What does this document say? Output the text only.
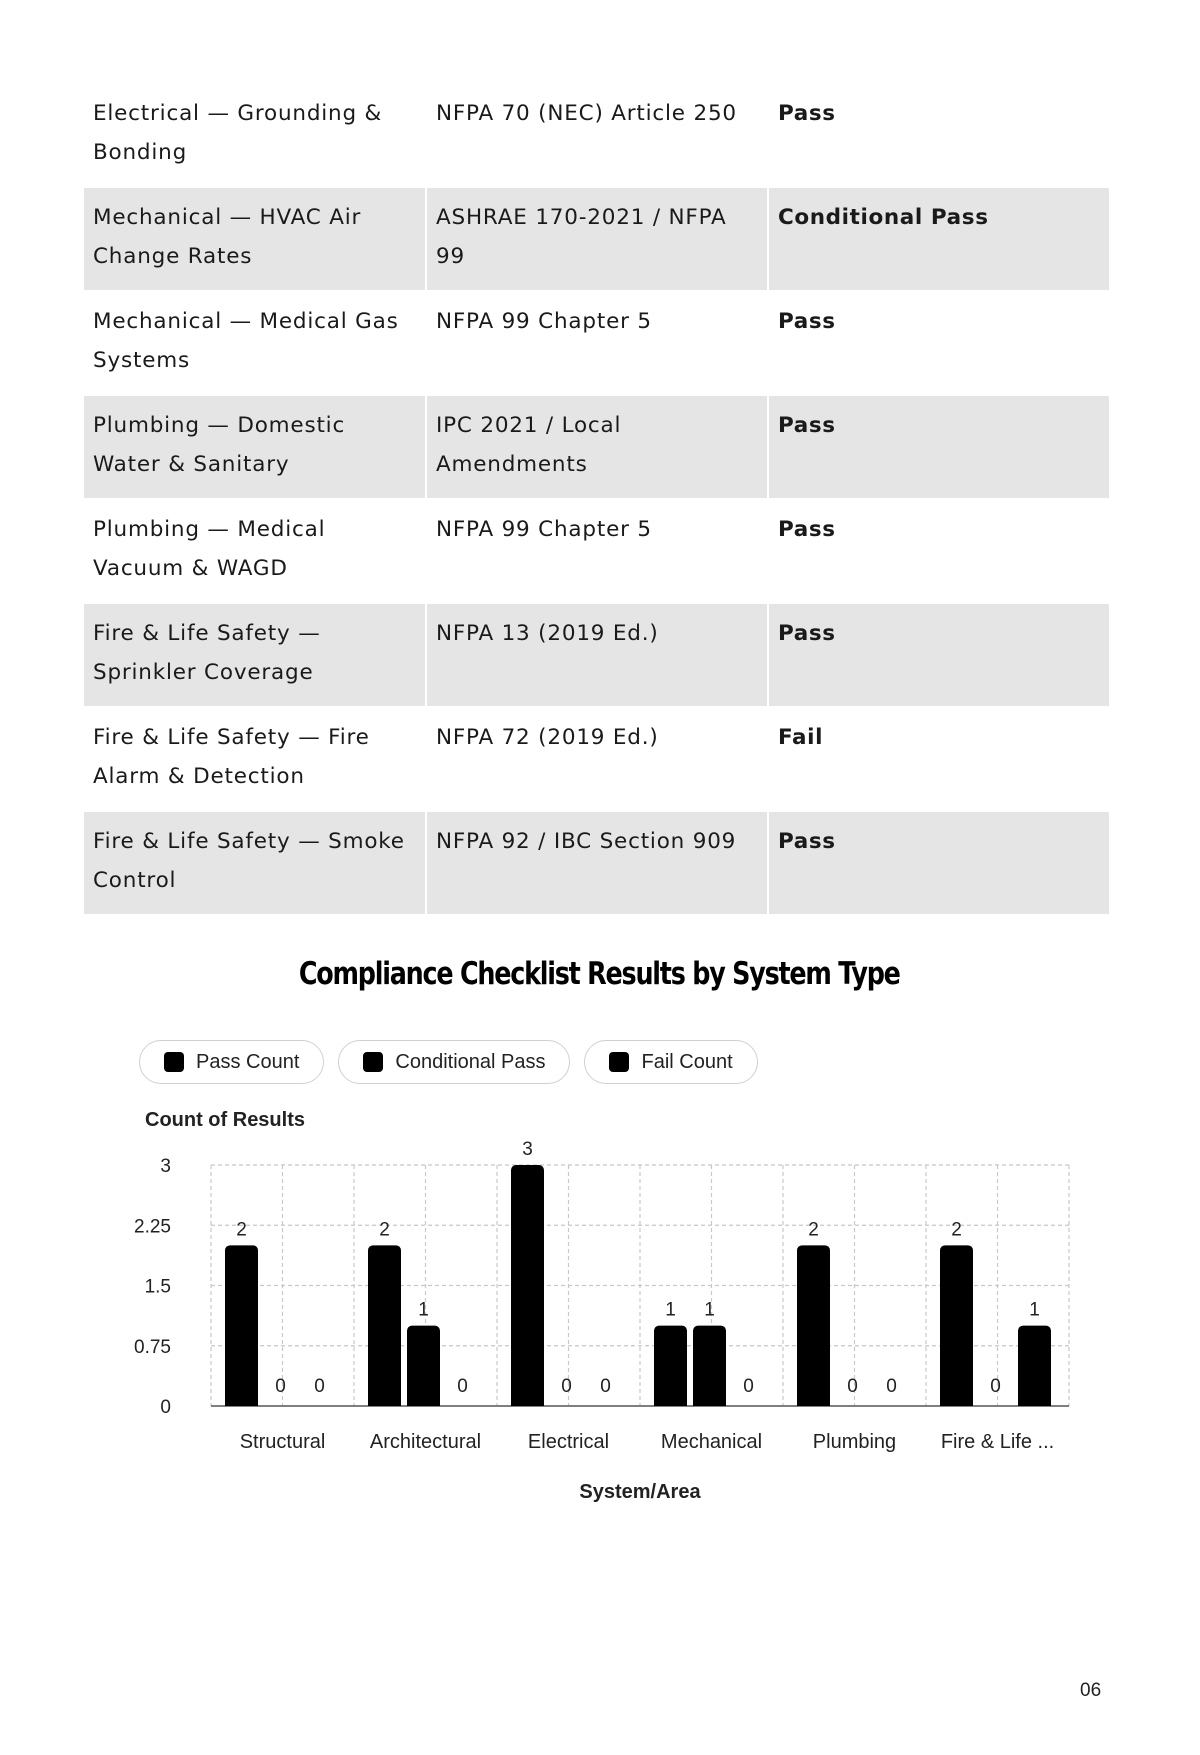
Electrical — Grounding & Bonding	NFPA 70 (NEC) Article 250	Pass
Mechanical — HVAC Air Change Rates	ASHRAE 170-2021 / NFPA 99	Conditional Pass
Mechanical — Medical Gas Systems	NFPA 99 Chapter 5	Pass
Plumbing — Domestic Water & Sanitary	IPC 2021 / Local Amendments	Pass
Plumbing — Medical Vacuum & WAGD	NFPA 99 Chapter 5	Pass
Fire & Life Safety — Sprinkler Coverage	NFPA 13 (2019 Ed.)	Pass
Fire & Life Safety — Fire Alarm & Detection	NFPA 72 (2019 Ed.)	Fail
Fire & Life Safety — Smoke Control	NFPA 92 / IBC Section 909	Pass
Compliance Checklist Results by System Type
Pass Count	Conditional Pass	Fail Count
3
2.25
1.5
0.75
0
2
0 0
Structural
2
1
0
Architectural
3
0 0
Electrical
1 1
0
Mechanical
2
0 0
Plumbing
2
0
1
Fire & Life ...
Count of Results
System/Area
06
